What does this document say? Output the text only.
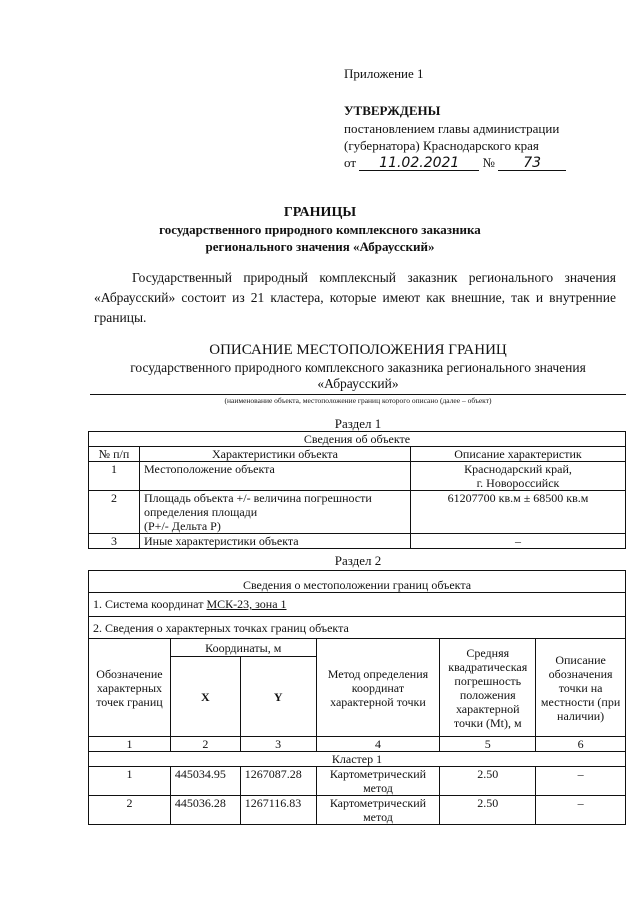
Приложение 1
УТВЕРЖДЕНЫ
постановлением главы администрации
(губернатора) Краснодарского края
от 11.02.2021 № 73
ГРАНИЦЫ
государственного природного комплексного заказника
регионального значения «Абраусский»
Государственный природный комплексный заказник регионального значения «Абраусский» состоит из 21 кластера, которые имеют как внешние, так и внутренние границы.
ОПИСАНИЕ МЕСТОПОЛОЖЕНИЯ ГРАНИЦ
государственного природного комплексного заказника регионального значения
«Абраусский»
(наименование объекта, местоположение границ которого описано (далее – объект)
Раздел 1
Сведения об объекте		
№ п/п	Характеристики объекта	Описание характеристик
1	Местоположение объекта	Краснодарский край,
г. Новороссийск

2	Площадь объекта +/- величина погрешности
определения площади
(P+/- Дельта P)	61207700 кв.м ± 68500 кв.м
3	Иные характеристики объекта	–
Раздел 2
Сведения о местоположении границ объекта					
1. Система координат МСК-23, зона 1					
2. Сведения о характерных точках границ объекта					
Обозначение характерных точек границ	Координаты, м		Метод определения координат характерной точки	Средняя квадратическая погрешность положения характерной точки (Mt), м	Описание обозначения точки на местности (при наличии)
	X	Y			
1	2	3	4	5	6
Кластер 1					
1	445034.95	1267087.28	Картометрический
метод	2.50	–
2	445036.28	1267116.83	Картометрический
метод	2.50	–
